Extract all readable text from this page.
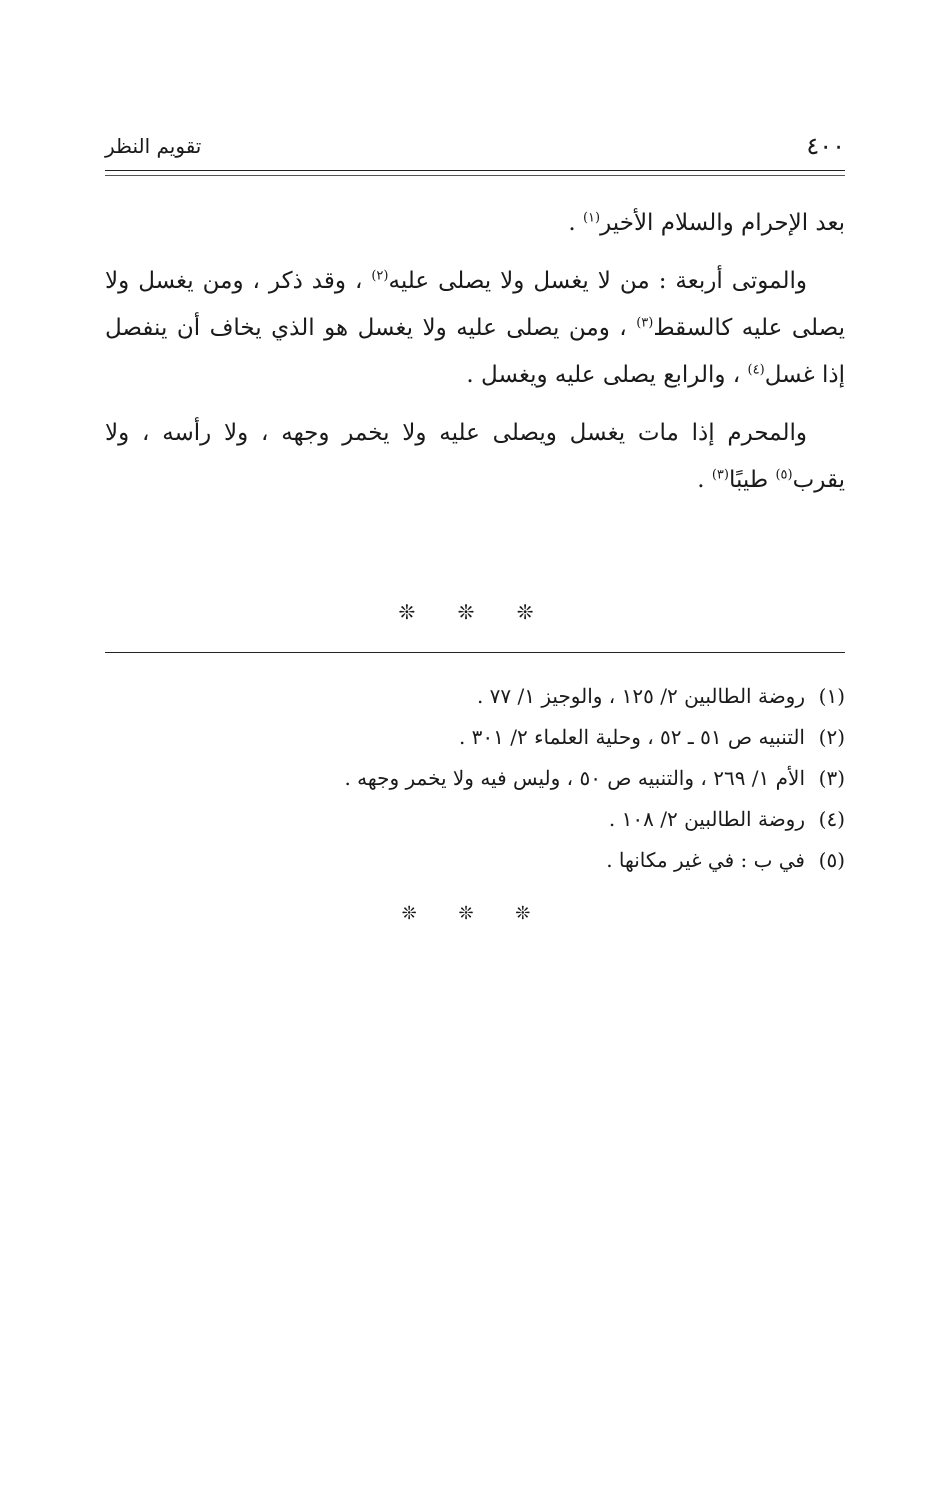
٤٠٠
تقويم النظر

بعد الإحرام والسلام الأخير$^{(١)}$ .

والموتى أربعة : من لا يغسل ولا يصلى عليه$^{(٢)}$ ، وقد ذكر ، ومن يغسل ولا يصلى عليه كالسقط$^{(٣)}$ ، ومن يصلى عليه ولا يغسل هو الذي يخاف أن ينفصل إذا غسل$^{(٤)}$ ، والرابع يصلى عليه ويغسل .

والمحرم إذا مات يغسل ويصلى عليه ولا يخمر وجهه ، ولا رأسه ، ولا يقرب$^{(٥)}$ طيبًا$^{(٣)}$ .

❊ ❊ ❊
(١)روضة الطالبين ٢/ ١٢٥ ، والوجيز ١/ ٧٧ .
(٢)التنبيه ص ٥١ ـ ٥٢ ، وحلية العلماء ٢/ ٣٠١ .
(٣)الأم ١/ ٢٦٩ ، والتنبيه ص ٥٠ ، وليس فيه ولا يخمر وجهه .
(٤)روضة الطالبين ٢/ ١٠٨ .
(٥)في ب : في غير مكانها .
❊ ❊ ❊
